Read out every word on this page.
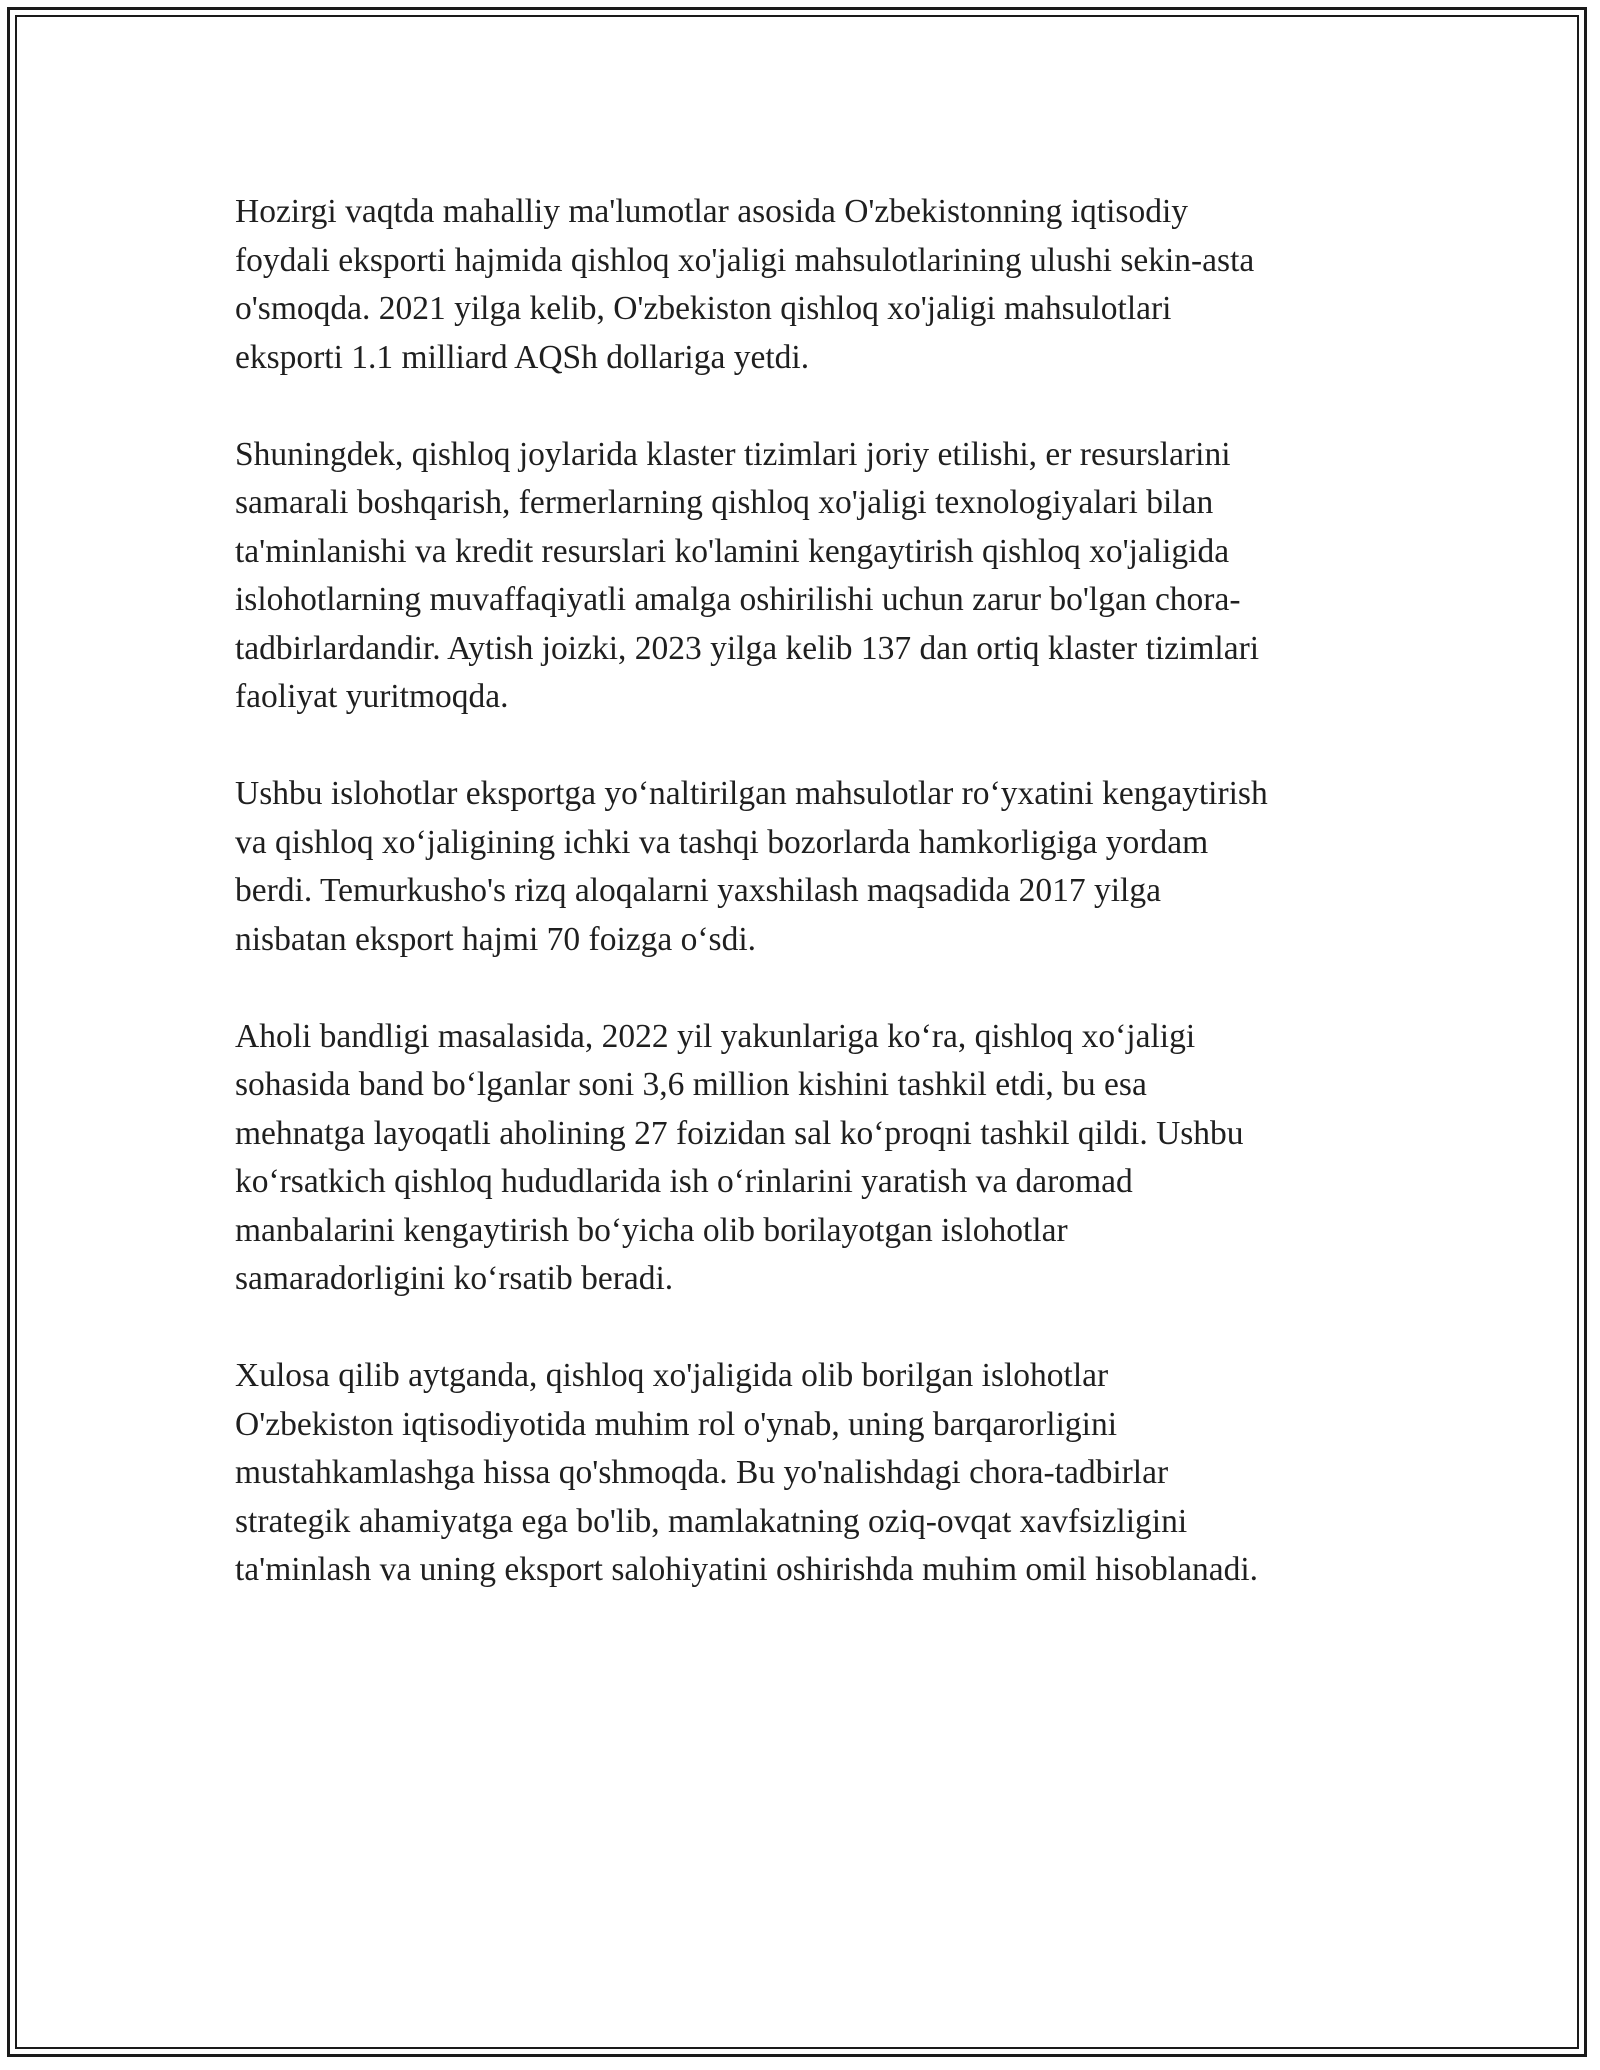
Hozirgi vaqtda mahalliy ma'lumotlar asosida O'zbekistonning iqtisodiy
foydali eksporti hajmida qishloq xo'jaligi mahsulotlarining ulushi sekin-asta
o'smoqda. 2021 yilga kelib, O'zbekiston qishloq xo'jaligi mahsulotlari
eksporti 1.1 milliard AQSh dollariga yetdi.

Shuningdek, qishloq joylarida klaster tizimlari joriy etilishi, er resurslarini
samarali boshqarish, fermerlarning qishloq xo'jaligi texnologiyalari bilan
ta'minlanishi va kredit resurslari ko'lamini kengaytirish qishloq xo'jaligida
islohotlarning muvaffaqiyatli amalga oshirilishi uchun zarur bo'lgan chora-
tadbirlardandir. Aytish joizki, 2023 yilga kelib 137 dan ortiq klaster tizimlari
faoliyat yuritmoqda.

Ushbu islohotlar eksportga yo‘naltirilgan mahsulotlar ro‘yxatini kengaytirish
va qishloq xo‘jaligining ichki va tashqi bozorlarda hamkorligiga yordam
berdi. Temurkusho's rizq aloqalarni yaxshilash maqsadida 2017 yilga
nisbatan eksport hajmi 70 foizga o‘sdi.

Aholi bandligi masalasida, 2022 yil yakunlariga ko‘ra, qishloq xo‘jaligi
sohasida band bo‘lganlar soni 3,6 million kishini tashkil etdi, bu esa
mehnatga layoqatli aholining 27 foizidan sal ko‘proqni tashkil qildi. Ushbu
ko‘rsatkich qishloq hududlarida ish o‘rinlarini yaratish va daromad
manbalarini kengaytirish bo‘yicha olib borilayotgan islohotlar
samaradorligini ko‘rsatib beradi.

Xulosa qilib aytganda, qishloq xo'jaligida olib borilgan islohotlar
O'zbekiston iqtisodiyotida muhim rol o'ynab, uning barqarorligini
mustahkamlashga hissa qo'shmoqda. Bu yo'nalishdagi chora-tadbirlar
strategik ahamiyatga ega bo'lib, mamlakatning oziq-ovqat xavfsizligini
ta'minlash va uning eksport salohiyatini oshirishda muhim omil hisoblanadi.
